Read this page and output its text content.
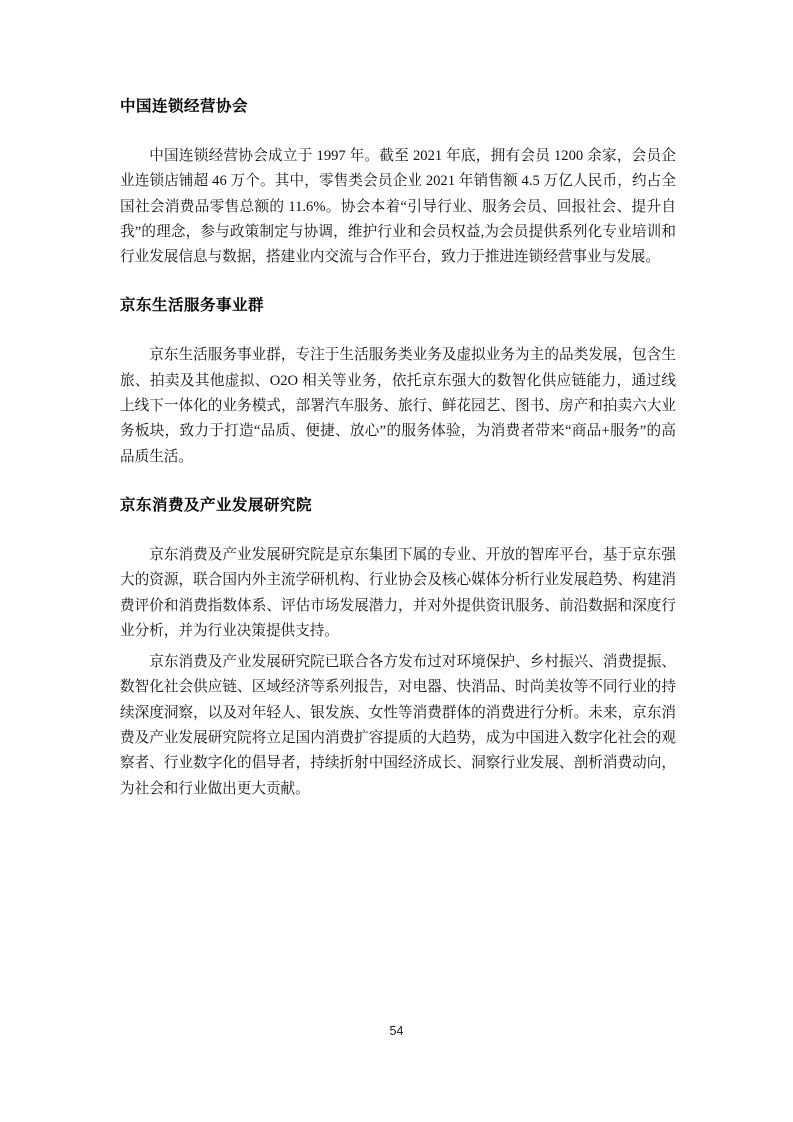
中国连锁经营协会

中国连锁经营协会成立于 1997 年。截至 2021 年底，拥有会员 1200 余家，会员企业连锁店铺超 46 万个。其中，零售类会员企业 2021 年销售额 4.5 万亿人民币，约占全国社会消费品零售总额的 11.6%。协会本着“引导行业、服务会员、回报社会、提升自我”的理念，参与政策制定与协调，维护行业和会员权益,为会员提供系列化专业培训和行业发展信息与数据，搭建业内交流与合作平台，致力于推进连锁经营事业与发展。

京东生活服务事业群

京东生活服务事业群，专注于生活服务类业务及虚拟业务为主的品类发展，包含生旅、拍卖及其他虚拟、O2O 相关等业务，依托京东强大的数智化供应链能力，通过线上线下一体化的业务模式，部署汽车服务、旅行、鲜花园艺、图书、房产和拍卖六大业务板块，致力于打造“品质、便捷、放心”的服务体验，为消费者带来“商品+服务”的高品质生活。

京东消费及产业发展研究院

京东消费及产业发展研究院是京东集团下属的专业、开放的智库平台，基于京东强大的资源，联合国内外主流学研机构、行业协会及核心媒体分析行业发展趋势、构建消费评价和消费指数体系、评估市场发展潜力，并对外提供资讯服务、前沿数据和深度行业分析，并为行业决策提供支持。

京东消费及产业发展研究院已联合各方发布过对环境保护、乡村振兴、消费提振、数智化社会供应链、区域经济等系列报告，对电器、快消品、时尚美妆等不同行业的持续深度洞察，以及对年轻人、银发族、女性等消费群体的消费进行分析。未来，京东消费及产业发展研究院将立足国内消费扩容提质的大趋势，成为中国进入数字化社会的观察者、行业数字化的倡导者，持续折射中国经济成长、洞察行业发展、剖析消费动向，为社会和行业做出更大贡献。

54
